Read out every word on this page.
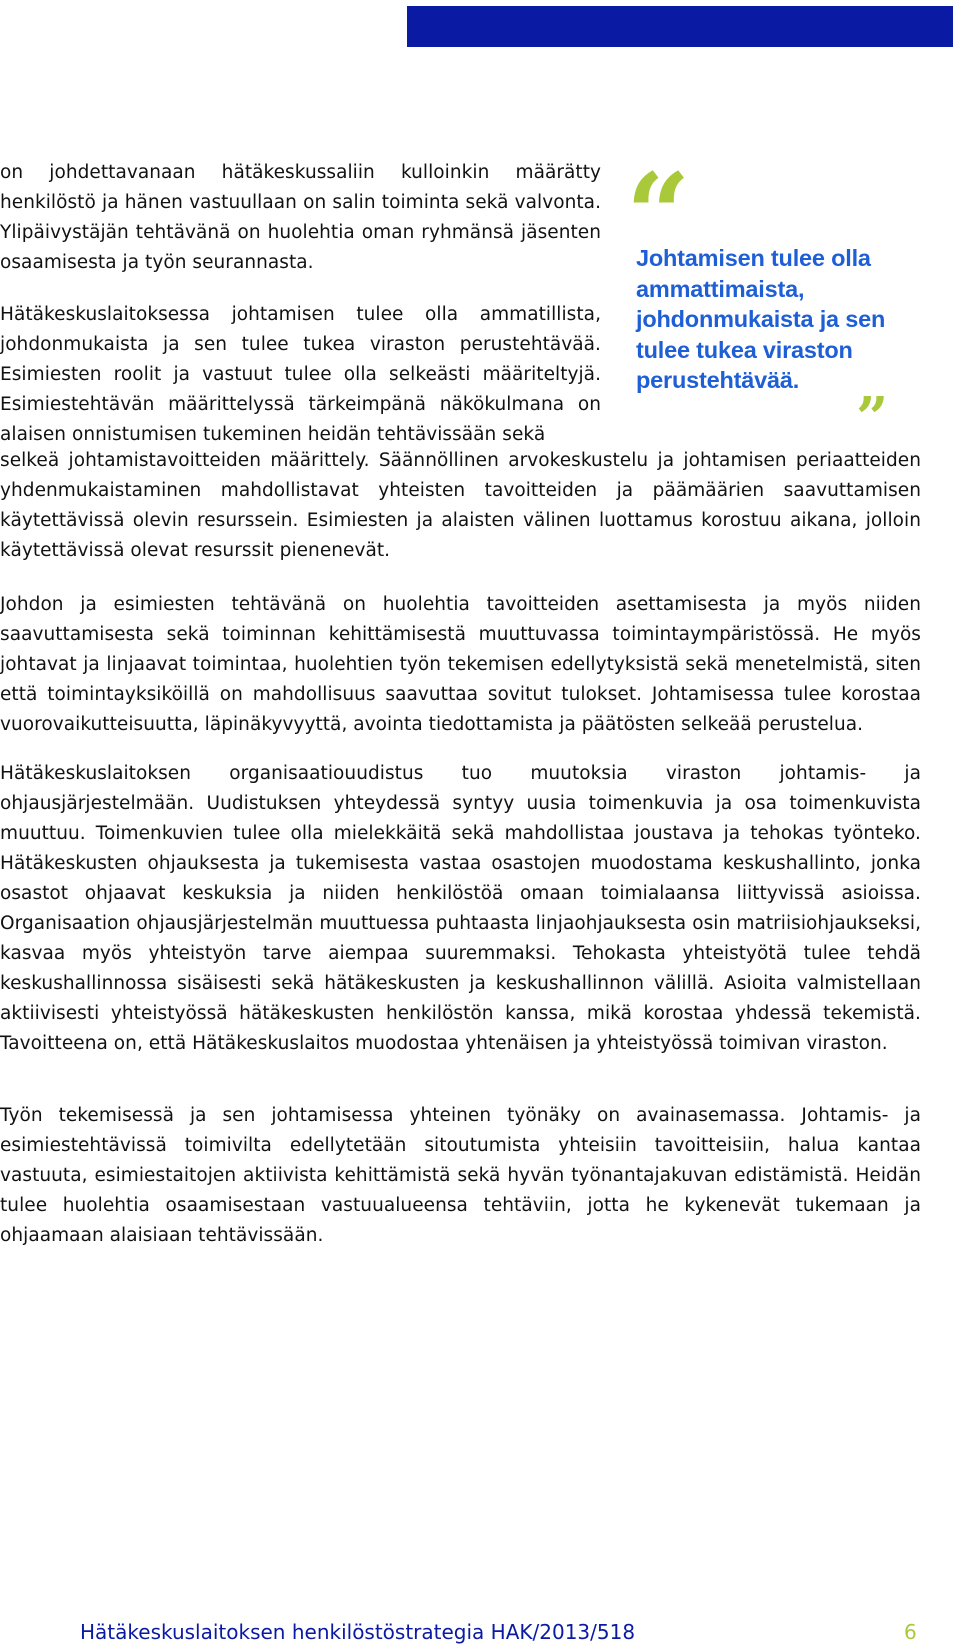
on johdettavanaan hätäkeskussaliin kulloinkin määrätty henkilöstö ja hänen vastuullaan on salin toiminta sekä valvonta. Ylipäivystäjän tehtävänä on huolehtia oman ryhmänsä jäsenten osaamisesta ja työn seurannasta.

Hätäkeskuslaitoksessa johtamisen tulee olla ammatillista, johdonmukaista ja sen tulee tukea viraston perustehtävää. Esimiesten roolit ja vastuut tulee olla selkeästi määriteltyjä. Esimiestehtävän määrittelyssä tärkeimpänä näkökulmana on alaisen onnistumisen tukeminen heidän tehtävissään sekä

selkeä johtamistavoitteiden määrittely. Säännöllinen arvokeskustelu ja johtamisen periaatteiden yhdenmukaistaminen mahdollistavat yhteisten tavoitteiden ja päämäärien saavuttamisen käytettävissä olevin resurssein. Esimiesten ja alaisten välinen luottamus korostuu aikana, jolloin käytettävissä olevat resurssit pienenevät.

Johdon ja esimiesten tehtävänä on huolehtia tavoitteiden asettamisesta ja myös niiden saavuttamisesta sekä toiminnan kehittämisestä muuttuvassa toimintaympäristössä. He myös johtavat ja linjaavat toimintaa, huolehtien työn tekemisen edellytyksistä sekä menetelmistä, siten että toimintayksiköillä on mahdollisuus saavuttaa sovitut tulokset. Johtamisessa tulee korostaa vuorovaikutteisuutta, läpinäkyvyyttä, avointa tiedottamista ja päätösten selkeää perustelua.

Hätäkeskuslaitoksen organisaatiouudistus tuo muutoksia viraston johtamis- ja ohjausjärjestelmään. Uudistuksen yhteydessä syntyy uusia toimenkuvia ja osa toimenkuvista muuttuu. Toimenkuvien tulee olla mielekkäitä sekä mahdollistaa joustava ja tehokas työnteko. Hätäkeskusten ohjauksesta ja tukemisesta vastaa osastojen muodostama keskushallinto, jonka osastot ohjaavat keskuksia ja niiden henkilöstöä omaan toimialaansa liittyvissä asioissa. Organisaation ohjausjärjestelmän muuttuessa puhtaasta linjaohjauksesta osin matriisiohjaukseksi, kasvaa myös yhteistyön tarve aiempaa suuremmaksi. Tehokasta yhteistyötä tulee tehdä keskushallinnossa sisäisesti sekä hätäkeskusten ja keskushallinnon välillä. Asioita valmistellaan aktiivisesti yhteistyössä hätäkeskusten henkilöstön kanssa, mikä korostaa yhdessä tekemistä. Tavoitteena on, että Hätäkeskuslaitos muodostaa yhtenäisen ja yhteistyössä toimivan viraston.

Työn tekemisessä ja sen johtamisessa yhteinen työnäky on avainasemassa. Johtamis- ja esimiestehtävissä toimivilta edellytetään sitoutumista yhteisiin tavoitteisiin, halua kantaa vastuuta, esimiestaitojen aktiivista kehittämistä sekä hyvän työnantajakuvan edistämistä. Heidän tulee huolehtia osaamisestaan vastuualueensa tehtäviin, jotta he kykenevät tukemaan ja ohjaamaan alaisiaan tehtävissään.

“

Johtamisen tulee olla ammattimaista, johdonmukaista ja sen tulee tukea viraston perustehtävää.

”

Hätäkeskuslaitoksen henkilöstöstrategia HAK/2013/518	6
